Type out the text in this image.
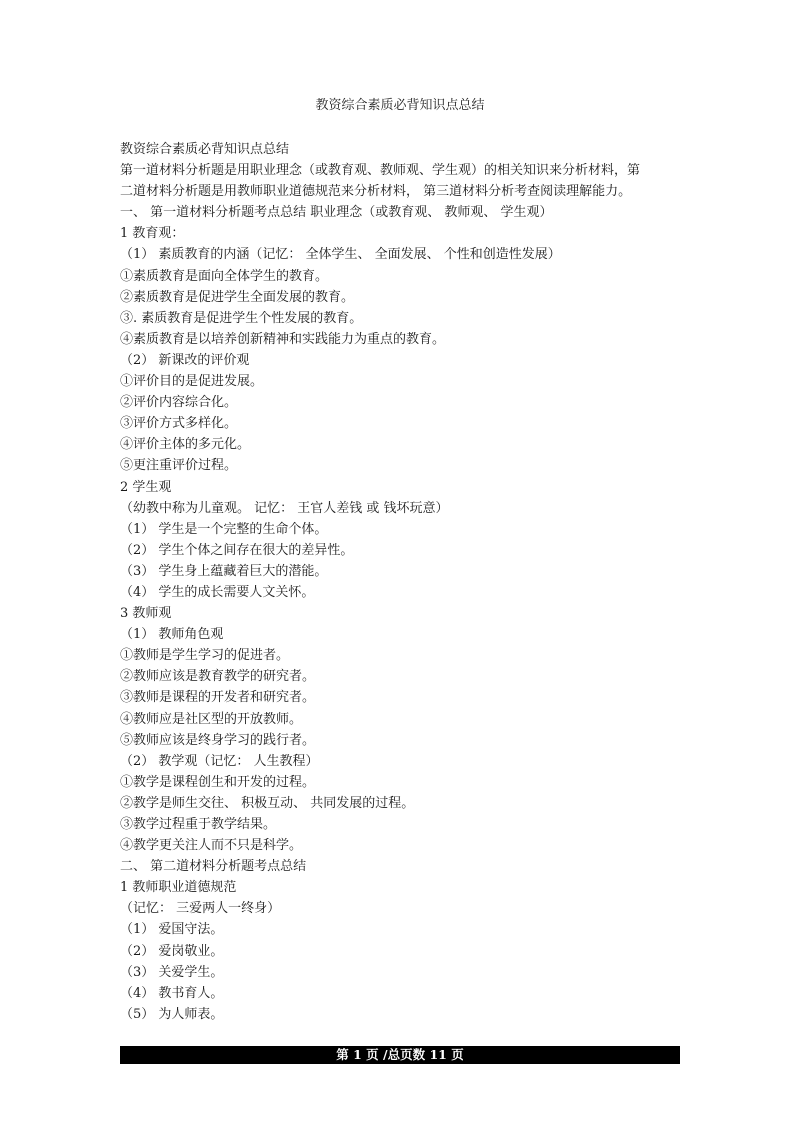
教资综合素质必背知识点总结
教资综合素质必背知识点总结
第一道材料分析题是用职业理念（或教育观、教师观、学生观）的相关知识来分析材料，第
二道材料分析题是用教师职业道德规范来分析材料， 第三道材料分析考查阅读理解能力。
一、 第一道材料分析题考点总结 职业理念（或教育观、 教师观、 学生观）
1 教育观：
（1） 素质教育的内涵（记忆： 全体学生、 全面发展、 个性和创造性发展）
①素质教育是面向全体学生的教育。
②素质教育是促进学生全面发展的教育。
③. 素质教育是促进学生个性发展的教育。
④素质教育是以培养创新精神和实践能力为重点的教育。
（2） 新课改的评价观
①评价目的是促进发展。
②评价内容综合化。
③评价方式多样化。
④评价主体的多元化。
⑤更注重评价过程。
2 学生观
（幼教中称为儿童观。 记忆： 王官人差钱 或 钱坏玩意）
（1） 学生是一个完整的生命个体。
（2） 学生个体之间存在很大的差异性。
（3） 学生身上蕴藏着巨大的潜能。
（4） 学生的成长需要人文关怀。
3 教师观
（1） 教师角色观
①教师是学生学习的促进者。
②教师应该是教育教学的研究者。
③教师是课程的开发者和研究者。
④教师应是社区型的开放教师。
⑤教师应该是终身学习的践行者。
（2） 教学观（记忆： 人生教程）
①教学是课程创生和开发的过程。
②教学是师生交往、 积极互动、 共同发展的过程。
③教学过程重于教学结果。
④教学更关注人而不只是科学。
二、 第二道材料分析题考点总结
1 教师职业道德规范
（记忆： 三爱两人一终身）
（1） 爱国守法。
（2） 爱岗敬业。
（3） 关爱学生。
（4） 教书育人。
（5） 为人师表。
第 1 页 /总页数 11 页
